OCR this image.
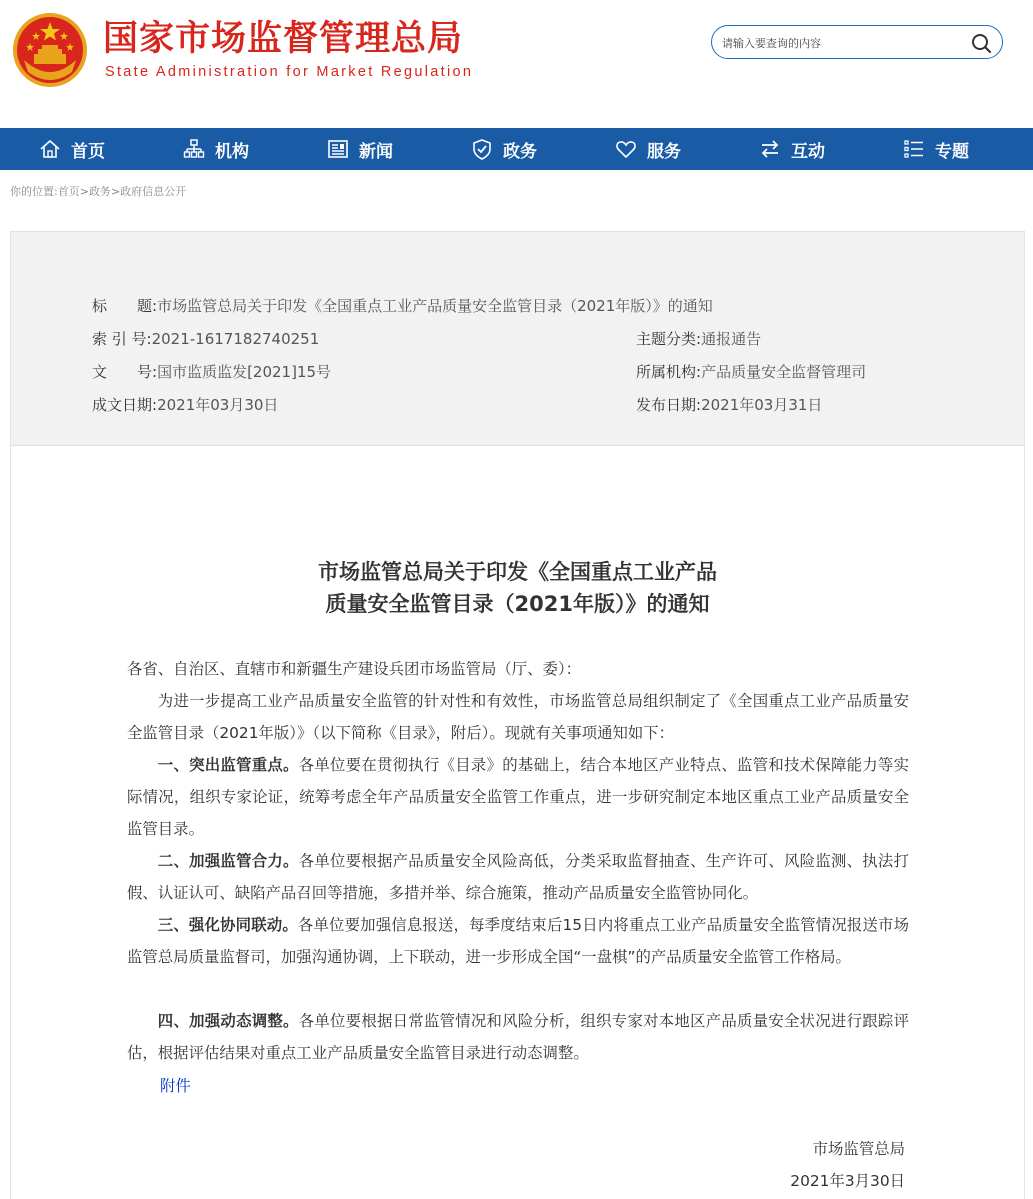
国家市场监督管理总局
State Administration for Market Regulation
请输入要查询的内容
首页	机构	新闻	政务	服务	互动	专题
你的位置:首页>政务>政府信息公开
标　　题:市场监管总局关于印发《全国重点工业产品质量安全监管目录（2021年版）》的通知
索 引 号:2021-1617182740251	主题分类:通报通告
文　　号:国市监质监发[2021]15号	所属机构:产品质量安全监督管理司
成文日期:2021年03月30日	发布日期:2021年03月31日
市场监管总局关于印发《全国重点工业产品
质量安全监管目录（2021年版）》的通知
各省、自治区、直辖市和新疆生产建设兵团市场监管局（厅、委）：
为进一步提高工业产品质量安全监管的针对性和有效性，市场监管总局组织制定了《全国重点工业产品质量安全监管目录（2021年版）》（以下简称《目录》，附后）。现就有关事项通知如下：
一、突出监管重点。各单位要在贯彻执行《目录》的基础上，结合本地区产业特点、监管和技术保障能力等实际情况，组织专家论证，统筹考虑全年产品质量安全监管工作重点，进一步研究制定本地区重点工业产品质量安全监管目录。
二、加强监管合力。各单位要根据产品质量安全风险高低，分类采取监督抽查、生产许可、风险监测、执法打假、认证认可、缺陷产品召回等措施，多措并举、综合施策，推动产品质量安全监管协同化。
三、强化协同联动。各单位要加强信息报送，每季度结束后15日内将重点工业产品质量安全监管情况报送市场监管总局质量监督司，加强沟通协调，上下联动，进一步形成全国“一盘棋”的产品质量安全监管工作格局。
四、加强动态调整。各单位要根据日常监管情况和风险分析，组织专家对本地区产品质量安全状况进行跟踪评估，根据评估结果对重点工业产品质量安全监管目录进行动态调整。
附件
市场监管总局
2021年3月30日
